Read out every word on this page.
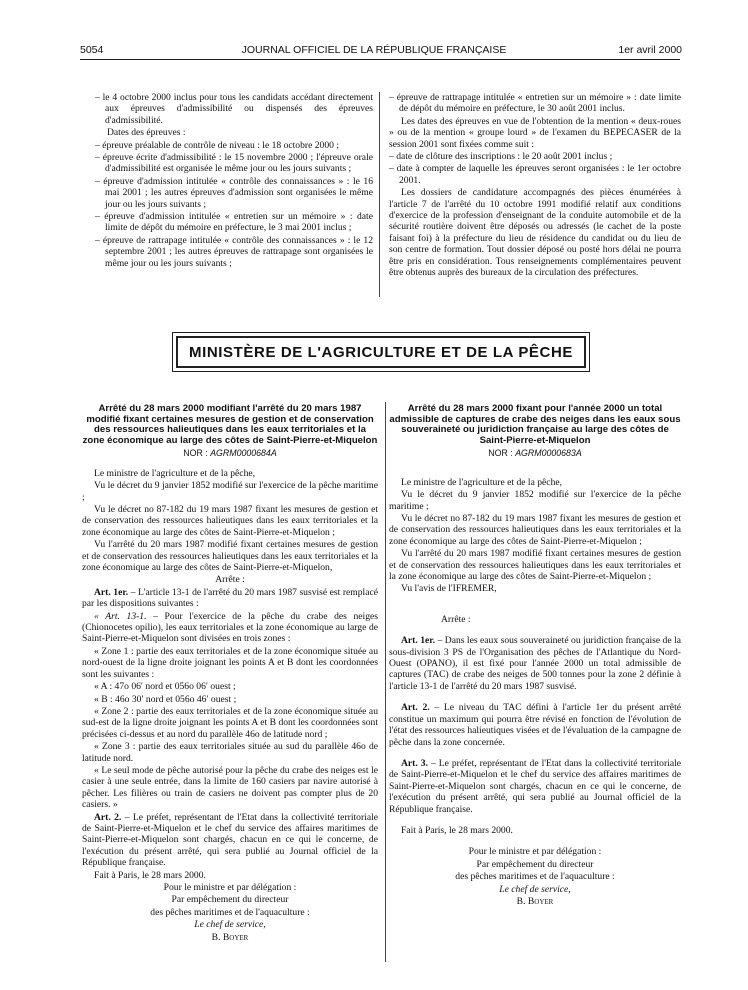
5054	JOURNAL OFFICIEL DE LA RÉPUBLIQUE FRANÇAISE	1er avril 2000

– le 4 octobre 2000 inclus pour tous les candidats accédant directement aux épreuves d'admissibilité ou dispensés des épreuves d'admissibilité.

Dates des épreuves :

– épreuve préalable de contrôle de niveau : le 18 octobre 2000 ;

– épreuve écrite d'admissibilité : le 15 novembre 2000 ; l'épreuve orale d'admissibilité est organisée le même jour ou les jours suivants ;

– épreuve d'admission intitulée « contrôle des connaissances » : le 16 mai 2001 ; les autres épreuves d'admission sont organisées le même jour ou les jours suivants ;

– épreuve d'admission intitulée « entretien sur un mémoire » : date limite de dépôt du mémoire en préfecture, le 3 mai 2001 inclus ;

– épreuve de rattrapage intitulée « contrôle des connaissances » : le 12 septembre 2001 ; les autres épreuves de rattrapage sont organisées le même jour ou les jours suivants ;

– épreuve de rattrapage intitulée « entretien sur un mémoire » : date limite de dépôt du mémoire en préfecture, le 30 août 2001 inclus.

Les dates des épreuves en vue de l'obtention de la mention « deux-roues » ou de la mention « groupe lourd » de l'examen du BEPECASER de la session 2001 sont fixées comme suit :

– date de clôture des inscriptions : le 20 août 2001 inclus ;

– date à compter de laquelle les épreuves seront organisées : le 1er octobre 2001.

Les dossiers de candidature accompagnés des pièces énumérées à l'article 7 de l'arrêté du 10 octobre 1991 modifié relatif aux conditions d'exercice de la profession d'enseignant de la conduite automobile et de la sécurité routière doivent être déposés ou adressés (le cachet de la poste faisant foi) à la préfecture du lieu de résidence du candidat ou du lieu de son centre de formation. Tout dossier déposé ou posté hors délai ne pourra être pris en considération. Tous renseignements complémentaires peuvent être obtenus auprès des bureaux de la circulation des préfectures.

MINISTÈRE DE L'AGRICULTURE ET DE LA PÊCHE
Arrêté du 28 mars 2000 modifiant l'arrêté du 20 mars 1987 modifié fixant certaines mesures de gestion et de conservation des ressources halieutiques dans les eaux territoriales et la zone économique au large des côtes de Saint-Pierre-et-Miquelon
NOR : AGRM0000684A

Le ministre de l'agriculture et de la pêche,

Vu le décret du 9 janvier 1852 modifié sur l'exercice de la pêche maritime ;

Vu le décret no 87-182 du 19 mars 1987 fixant les mesures de gestion et de conservation des ressources halieutiques dans les eaux territoriales et la zone économique au large des côtes de Saint-Pierre-et-Miquelon ;

Vu l'arrêté du 20 mars 1987 modifié fixant certaines mesures de gestion et de conservation des ressources halieutiques dans les eaux territoriales et la zone économique au large des côtes de Saint-Pierre-et-Miquelon,

Arrête :

Art. 1er. – L'article 13-1 de l'arrêté du 20 mars 1987 susvisé est remplacé par les dispositions suivantes :

« Art. 13-1. – Pour l'exercice de la pêche du crabe des neiges (Chionocetes opilio), les eaux territoriales et la zone économique au large de Saint-Pierre-et-Miquelon sont divisées en trois zones :

« Zone 1 : partie des eaux territoriales et de la zone économique située au nord-ouest de la ligne droite joignant les points A et B dont les coordonnées sont les suivantes :

« A : 47o 06′ nord et 056o 06′ ouest ;

« B : 46o 30′ nord et 056o 46′ ouest ;

« Zone 2 : partie des eaux territoriales et de la zone économique située au sud-est de la ligne droite joignant les points A et B dont les coordonnées sont précisées ci-dessus et au nord du parallèle 46o de latitude nord ;

« Zone 3 : partie des eaux territoriales située au sud du parallèle 46o de latitude nord.

« Le seul mode de pêche autorisé pour la pêche du crabe des neiges est le casier à une seule entrée, dans la limite de 160 casiers par navire autorisé à pêcher. Les filières ou train de casiers ne doivent pas compter plus de 20 casiers. »

Art. 2. – Le préfet, représentant de l'Etat dans la collectivité territoriale de Saint-Pierre-et-Miquelon et le chef du service des affaires maritimes de Saint-Pierre-et-Miquelon sont chargés, chacun en ce qui le concerne, de l'exécution du présent arrêté, qui sera publié au Journal officiel de la République française.

Fait à Paris, le 28 mars 2000.

Pour le ministre et par délégation :

Par empêchement du directeur

des pêches maritimes et de l'aquaculture :

Le chef de service,

B. Boyer

Arrêté du 28 mars 2000 fixant pour l'année 2000 un total admissible de captures de crabe des neiges dans les eaux sous souveraineté ou juridiction française au large des côtes de Saint-Pierre-et-Miquelon
NOR : AGRM0000683A

Le ministre de l'agriculture et de la pêche,

Vu le décret du 9 janvier 1852 modifié sur l'exercice de la pêche maritime ;

Vu le décret no 87-182 du 19 mars 1987 fixant les mesures de gestion et de conservation des ressources halieutiques dans les eaux territoriales et la zone économique au large des côtes de Saint-Pierre-et-Miquelon ;

Vu l'arrêté du 20 mars 1987 modifié fixant certaines mesures de gestion et de conservation des ressources halieutiques dans les eaux territoriales et la zone économique au large des côtes de Saint-Pierre-et-Miquelon ;

Vu l'avis de l'IFREMER,

Arrête :

Art. 1er. – Dans les eaux sous souveraineté ou juridiction française de la sous-division 3 PS de l'Organisation des pêches de l'Atlantique du Nord-Ouest (OPANO), il est fixé pour l'année 2000 un total admissible de captures (TAC) de crabe des neiges de 500 tonnes pour la zone 2 définie à l'article 13-1 de l'arrêté du 20 mars 1987 susvisé.

Art. 2. – Le niveau du TAC défini à l'article 1er du présent arrêté constitue un maximum qui pourra être révisé en fonction de l'évolution de l'état des ressources halieutiques visées et de l'évaluation de la campagne de pêche dans la zone concernée.

Art. 3. – Le préfet, représentant de l'Etat dans la collectivité territoriale de Saint-Pierre-et-Miquelon et le chef du service des affaires maritimes de Saint-Pierre-et-Miquelon sont chargés, chacun en ce qui le concerne, de l'exécution du présent arrêté, qui sera publié au Journal officiel de la République française.

Fait à Paris, le 28 mars 2000.

Pour le ministre et par délégation :

Par empêchement du directeur

des pêches maritimes et de l'aquaculture :

Le chef de service,

B. Boyer
